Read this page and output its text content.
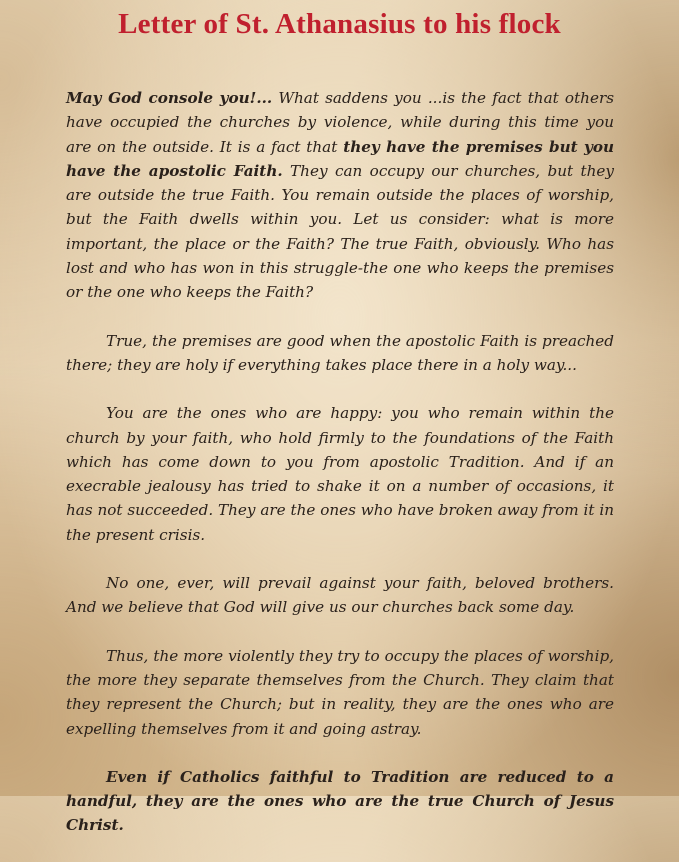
Letter of St. Athanasius to his flock

May God console you!... What saddens you ...is the fact that others have occupied the churches by violence, while during this time you are on the outside. It is a fact that they have the premises but you have the apostolic Faith. They can occupy our churches, but they are outside the true Faith. You remain outside the places of worship, but the Faith dwells within you. Let us consider: what is more important, the place or the Faith? The true Faith, obviously. Who has lost and who has won in this struggle-the one who keeps the premises or the one who keeps the Faith?

True, the premises are good when the apostolic Faith is preached there; they are holy if everything takes place there in a holy way...

You are the ones who are happy: you who remain within the church by your faith, who hold firmly to the foundations of the Faith which has come down to you from apostolic Tradition. And if an execrable jealousy has tried to shake it on a number of occasions, it has not succeeded. They are the ones who have broken away from it in the present crisis.

No one, ever, will prevail against your faith, beloved brothers. And we believe that God will give us our churches back some day.

Thus, the more violently they try to occupy the places of worship, the more they separate themselves from the Church. They claim that they represent the Church; but in reality, they are the ones who are expelling themselves from it and going astray.

Even if Catholics faithful to Tradition are reduced to a handful, they are the ones who are the true Church of Jesus Christ.
